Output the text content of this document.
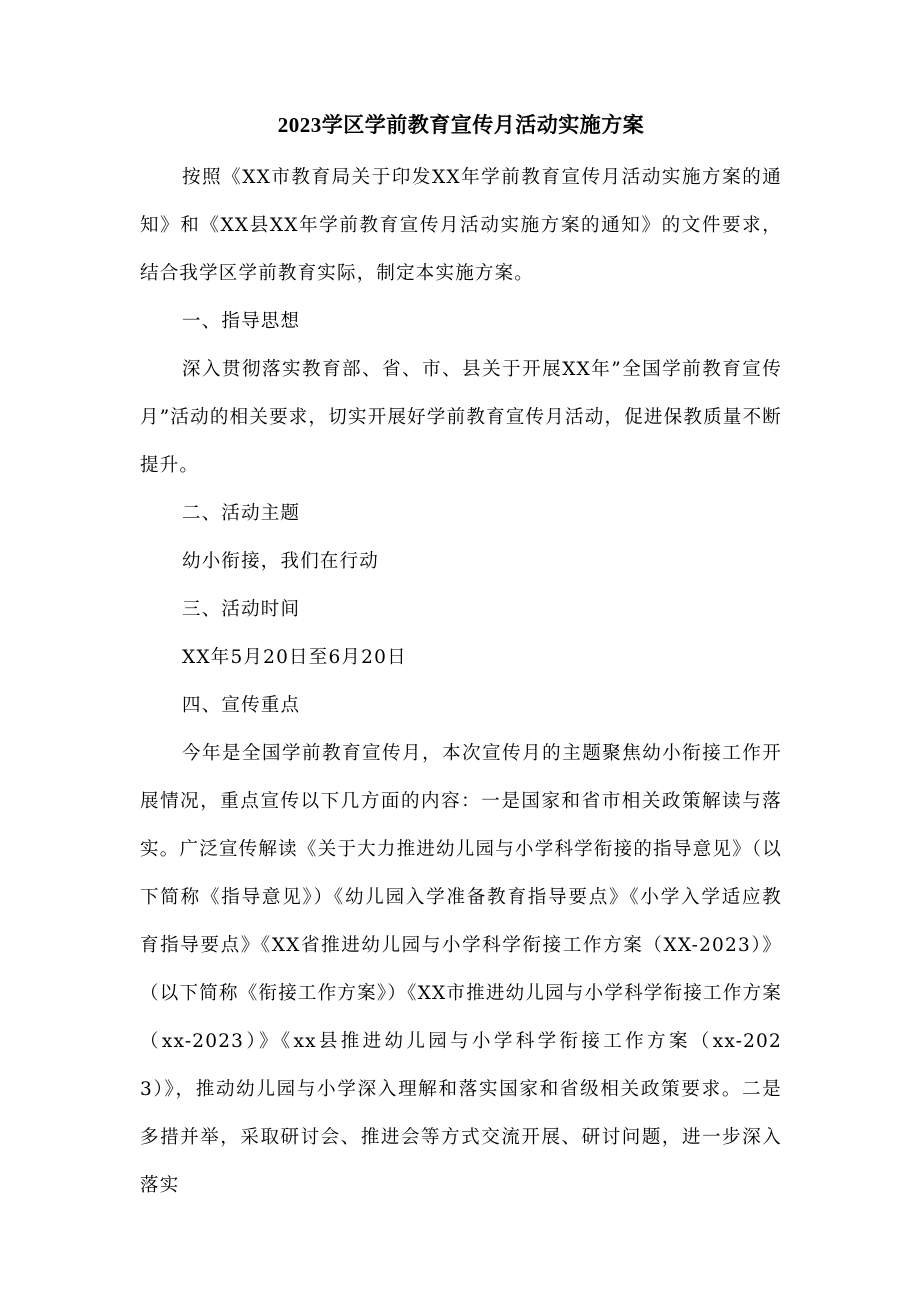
2023学区学前教育宣传月活动实施方案

按照《XX市教育局关于印发XX年学前教育宣传月活动实施方案的通知》和《XX县XX年学前教育宣传月活动实施方案的通知》的文件要求，结合我学区学前教育实际，制定本实施方案。

一、指导思想

深入贯彻落实教育部、省、市、县关于开展XX年”全国学前教育宣传月”活动的相关要求，切实开展好学前教育宣传月活动，促进保教质量不断提升。

二、活动主题

幼小衔接，我们在行动

三、活动时间

XX年5月20日至6月20日

四、宣传重点

今年是全国学前教育宣传月，本次宣传月的主题聚焦幼小衔接工作开展情况，重点宣传以下几方面的内容：一是国家和省市相关政策解读与落实。广泛宣传解读《关于大力推进幼儿园与小学科学衔接的指导意见》（以下简称《指导意见》）《幼儿园入学准备教育指导要点》《小学入学适应教育指导要点》《XX省推进幼儿园与小学科学衔接工作方案（XX-2023）》（以下简称《衔接工作方案》）《XX市推进幼儿园与小学科学衔接工作方案（xx-2023）》《xx县推进幼儿园与小学科学衔接工作方案（xx-2023）》，推动幼儿园与小学深入理解和落实国家和省级相关政策要求。二是多措并举，采取研讨会、推进会等方式交流开展、研讨问题，进一步深入落实
